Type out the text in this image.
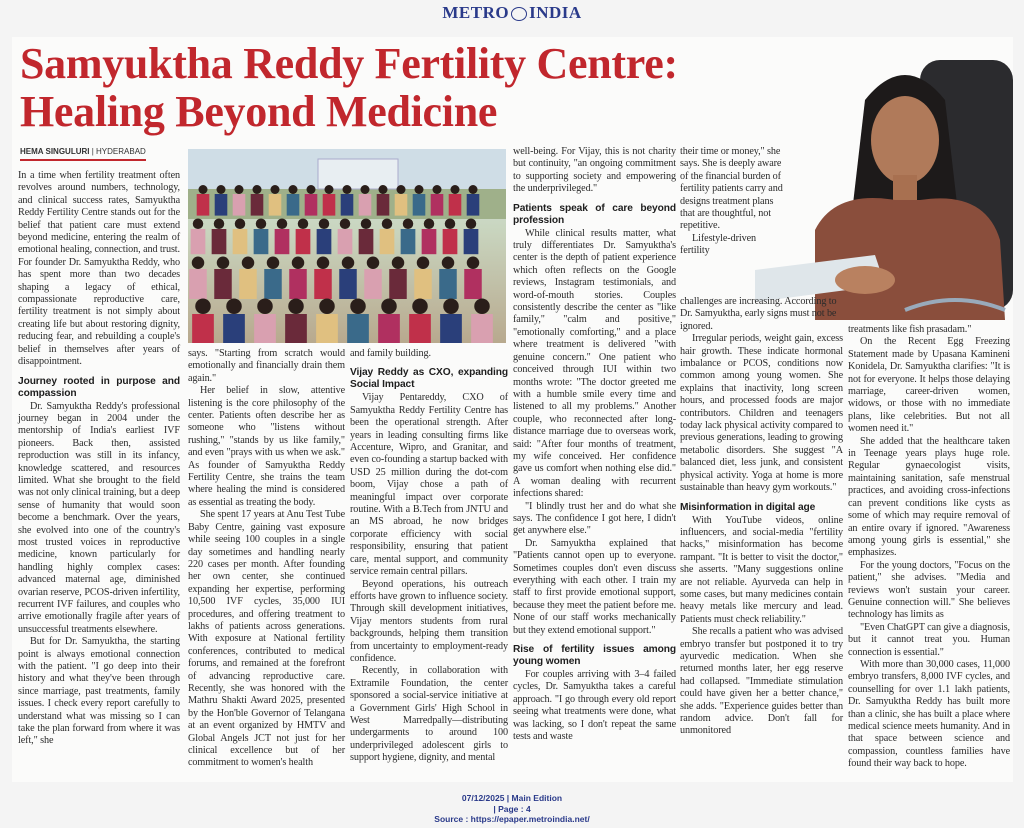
METRO INDIA
Samyuktha Reddy Fertility Centre: Healing Beyond Medicine
HEMA SINGULURI | HYDERABAD

In a time when fertility treatment often revolves around numbers, technology, and clinical success rates, Samyuktha Reddy Fertility Centre stands out for the belief that patient care must extend beyond medicine, entering the realm of emotional healing, connection, and trust. For founder Dr. Samyuktha Reddy, who has spent more than two decades shaping a legacy of ethical, compassionate reproductive care, fertility treatment is not simply about creating life but about restoring dignity, reducing fear, and rebuilding a couple's belief in themselves after years of disappointment.

Journey rooted in purpose and compassion

Dr. Samyuktha Reddy's professional journey began in 2004 under the mentorship of India's earliest IVF pioneers. Back then, assisted reproduction was still in its infancy, knowledge scattered, and resources limited. What she brought to the field was not only clinical training, but a deep sense of humanity that would soon become a benchmark. Over the years, she evolved into one of the country's most trusted voices in reproductive medicine, known particularly for handling highly complex cases: advanced maternal age, diminished ovarian reserve, PCOS-driven infertility, recurrent IVF failures, and couples who arrive emotionally fragile after years of unsuccessful treatments elsewhere.

But for Dr. Samyuktha, the starting point is always emotional connection with the patient. "I go deep into their history and what they've been through since marriage, past treatments, family issues. I check every report carefully to understand what was missing so I can take the plan forward from where it was left," she

says. "Starting from scratch would emotionally and financially drain them again."

Her belief in slow, attentive listening is the core philosophy of the center. Patients often describe her as someone who "listens without rushing," "stands by us like family," and even "prays with us when we ask." As founder of Samyuktha Reddy Fertility Centre, she trains the team where healing the mind is considered as essential as treating the body.

She spent 17 years at Anu Test Tube Baby Centre, gaining vast exposure while seeing 100 couples in a single day sometimes and handling nearly 220 cases per month. After founding her own center, she continued expanding her expertise, performing 10,500 IVF cycles, 35,000 IUI procedures, and offering treatment to lakhs of patients across generations. With exposure at National fertility conferences, contributed to medical forums, and remained at the forefront of advancing reproductive care. Recently, she was honored with the Mathru Shakti Award 2025, presented by the Hon'ble Governor of Telangana at an event organized by HMTV and Global Angels JCT not just for her clinical excellence but of her commitment to women's health

and family building.

Vijay Reddy as CXO, expanding Social Impact

Vijay Pentareddy, CXO of Samyuktha Reddy Fertility Centre has been the operational strength. After years in leading consulting firms like Accenture, Wipro, and Granitar, and even co-founding a startup backed with USD 25 million during the dot-com boom, Vijay chose a path of meaningful impact over corporate routine. With a B.Tech from JNTU and an MS abroad, he now bridges corporate efficiency with social responsibility, ensuring that patient care, mental support, and community service remain central pillars.

Beyond operations, his outreach efforts have grown to influence society. Through skill development initiatives, Vijay mentors students from rural backgrounds, helping them transition from uncertainty to employment-ready confidence.

Recently, in collaboration with Extramile Foundation, the center sponsored a social-service initiative at a Government Girls' High School in West Marredpally—distributing undergarments to around 100 underprivileged adolescent girls to support hygiene, dignity, and mental

well-being. For Vijay, this is not charity but continuity, "an ongoing commitment to supporting society and empowering the underprivileged."

Patients speak of care beyond profession

While clinical results matter, what truly differentiates Dr. Samyuktha's center is the depth of patient experience which often reflects on the Google reviews, Instagram testimonials, and word-of-mouth stories. Couples consistently describe the center as "like family," "calm and positive," "emotionally comforting," and a place where treatment is delivered "with genuine concern." One patient who conceived through IUI within two months wrote: "The doctor greeted me with a humble smile every time and listened to all my problems." Another couple, who reconnected after long-distance marriage due to overseas work, said: "After four months of treatment, my wife conceived. Her confidence gave us comfort when nothing else did." A woman dealing with recurrent infections shared:

"I blindly trust her and do what she says. The confidence I got here, I didn't get anywhere else."

Dr. Samyuktha explained that "Patients cannot open up to everyone. Sometimes couples don't even discuss everything with each other. I train my staff to first provide emotional support, because they meet the patient before me. None of our staff works mechanically but they extend emotional support."

Rise of fertility issues among young women

For couples arriving with 3–4 failed cycles, Dr. Samyuktha takes a careful approach. "I go through every old report seeing what treatments were done, what was lacking, so I don't repeat the same tests and waste

their time or money," she says. She is deeply aware of the financial burden of fertility patients carry and designs treatment plans that are thoughtful, not repetitive.

Lifestyle-driven fertility challenges are increasing. According to Dr. Samyuktha, early signs must not be ignored.

Irregular periods, weight gain, excess hair growth. These indicate hormonal imbalance or PCOS, conditions now common among young women. She explains that inactivity, long screen hours, and processed foods are major contributors. Children and teenagers today lack physical activity compared to previous generations, leading to growing metabolic disorders. She suggest "A balanced diet, less junk, and consistent physical activity. Yoga at home is more sustainable than heavy gym workouts."

Misinformation in digital age

With YouTube videos, online influencers, and social-media "fertility hacks," misinformation has become rampant. "It is better to visit the doctor," she asserts. "Many suggestions online are not reliable. Ayurveda can help in some cases, but many medicines contain heavy metals like mercury and lead. Patients must check reliability."

She recalls a patient who was advised embryo transfer but postponed it to try ayurvedic medication. When she returned months later, her egg reserve had collapsed. "Immediate stimulation could have given her a better chance," she adds. "Experience guides better than random advice. Don't fall for unmonitored

treatments like fish prasadam."

On the Recent Egg Freezing Statement made by Upasana Kamineni Konidela, Dr. Samyuktha clarifies: "It is not for everyone. It helps those delaying marriage, career-driven women, widows, or those with no immediate plans, like celebrities. But not all women need it."

She added that the healthcare taken in Teenage years plays huge role. Regular gynaecologist visits, maintaining sanitation, safe menstrual practices, and avoiding cross-infections can prevent conditions like cysts as some of which may require removal of an entire ovary if ignored. "Awareness among young girls is essential," she emphasizes.

For the young doctors, "Focus on the patient," she advises. "Media and reviews won't sustain your career. Genuine connection will." She believes technology has limits as

"Even ChatGPT can give a diagnosis, but it cannot treat you. Human connection is essential."

With more than 30,000 cases, 11,000 embryo transfers, 8,000 IVF cycles, and counselling for over 1.1 lakh patients, Dr. Samyuktha Reddy has built more than a clinic, she has built a place where medical science meets humanity. And in that space between science and compassion, countless families have found their way back to hope.

07/12/2025 | Main Edition
| Page : 4
Source : https://epaper.metroindia.net/
